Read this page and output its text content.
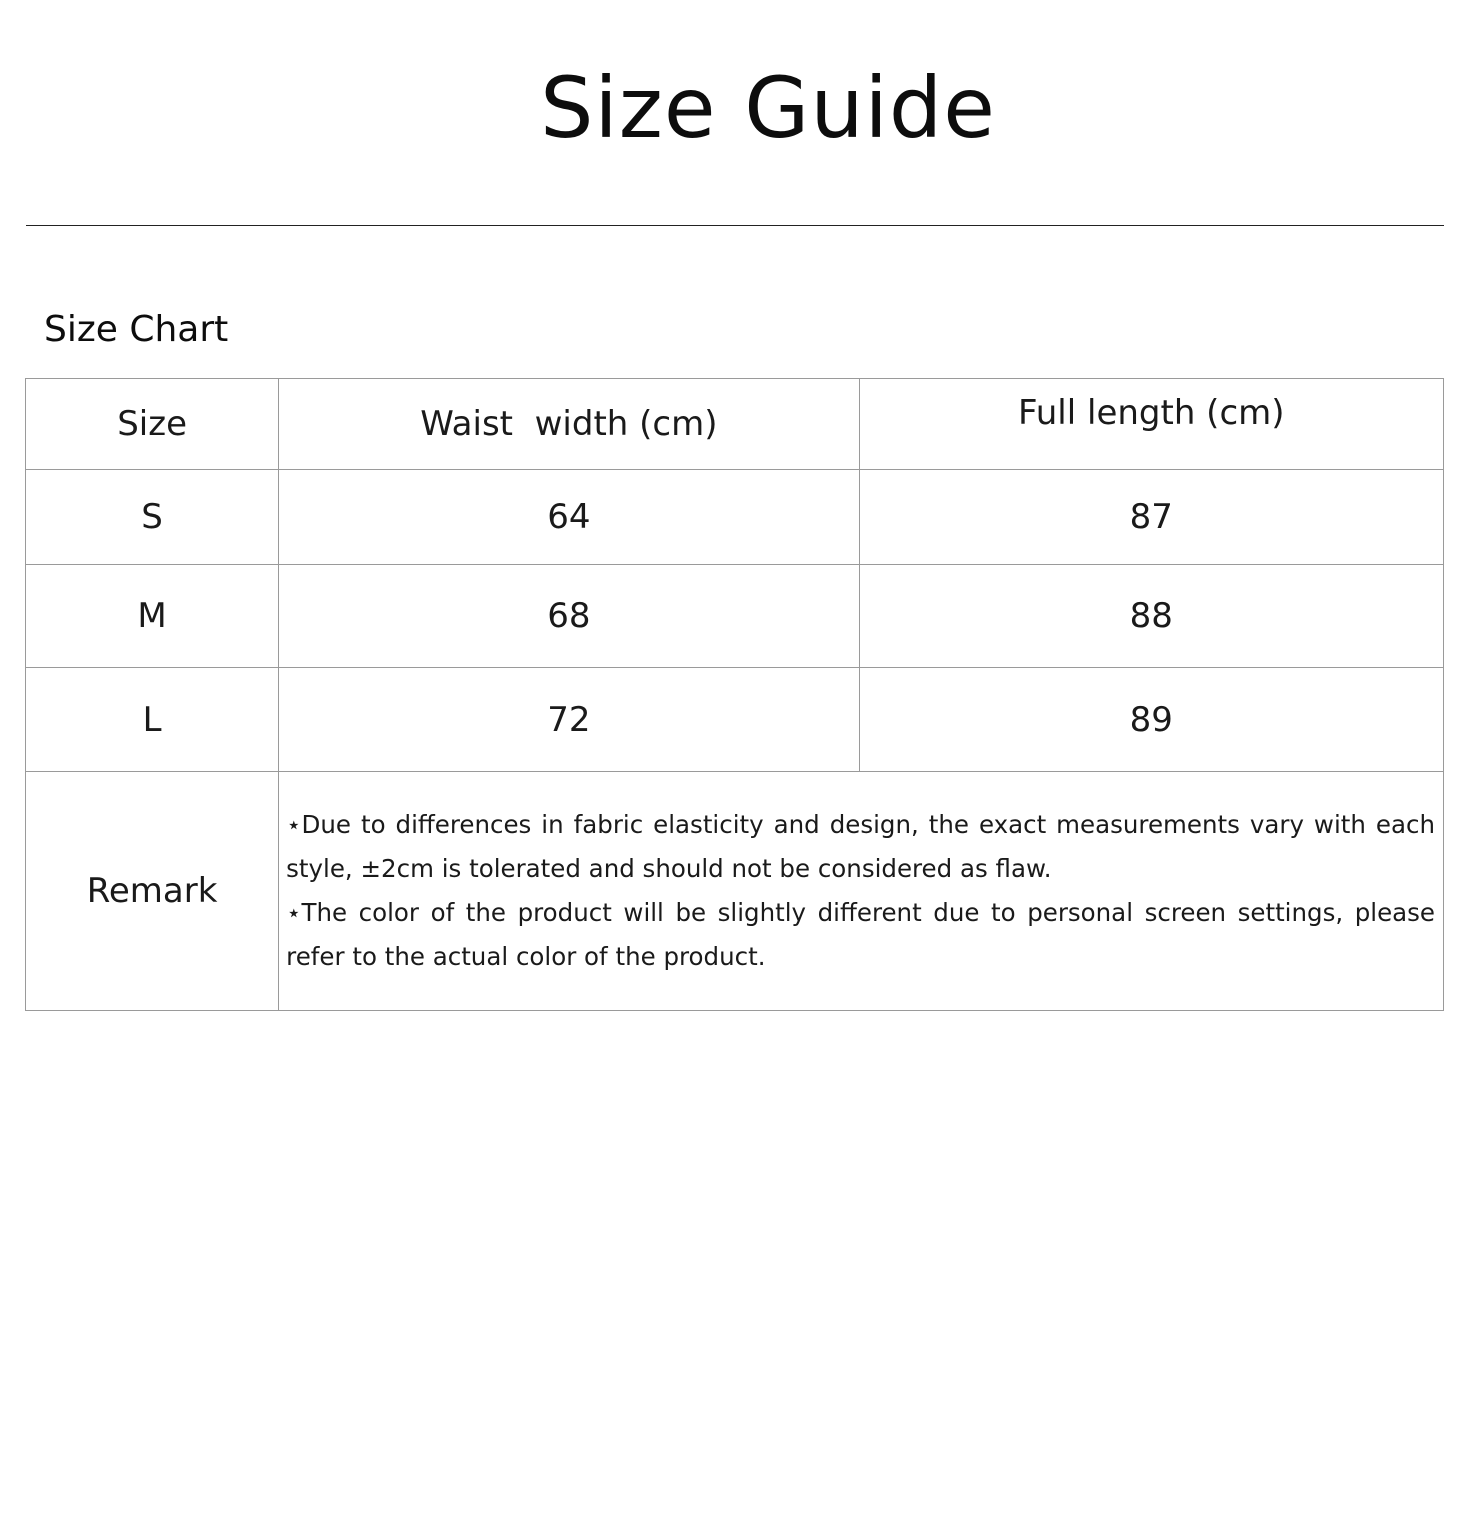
Size Guide
Size Chart
Size	Waist  width (cm)	Full length (cm)
S	64	87
M	68	88
L	72	89
Remark	⋆Due to differences in fabric elasticity and design, the exact measurements vary with each style, ±2cm is tolerated and should not be considered as flaw.
⋆The color of the product will be slightly different due to personal screen settings, please refer to the actual color of the product.	
